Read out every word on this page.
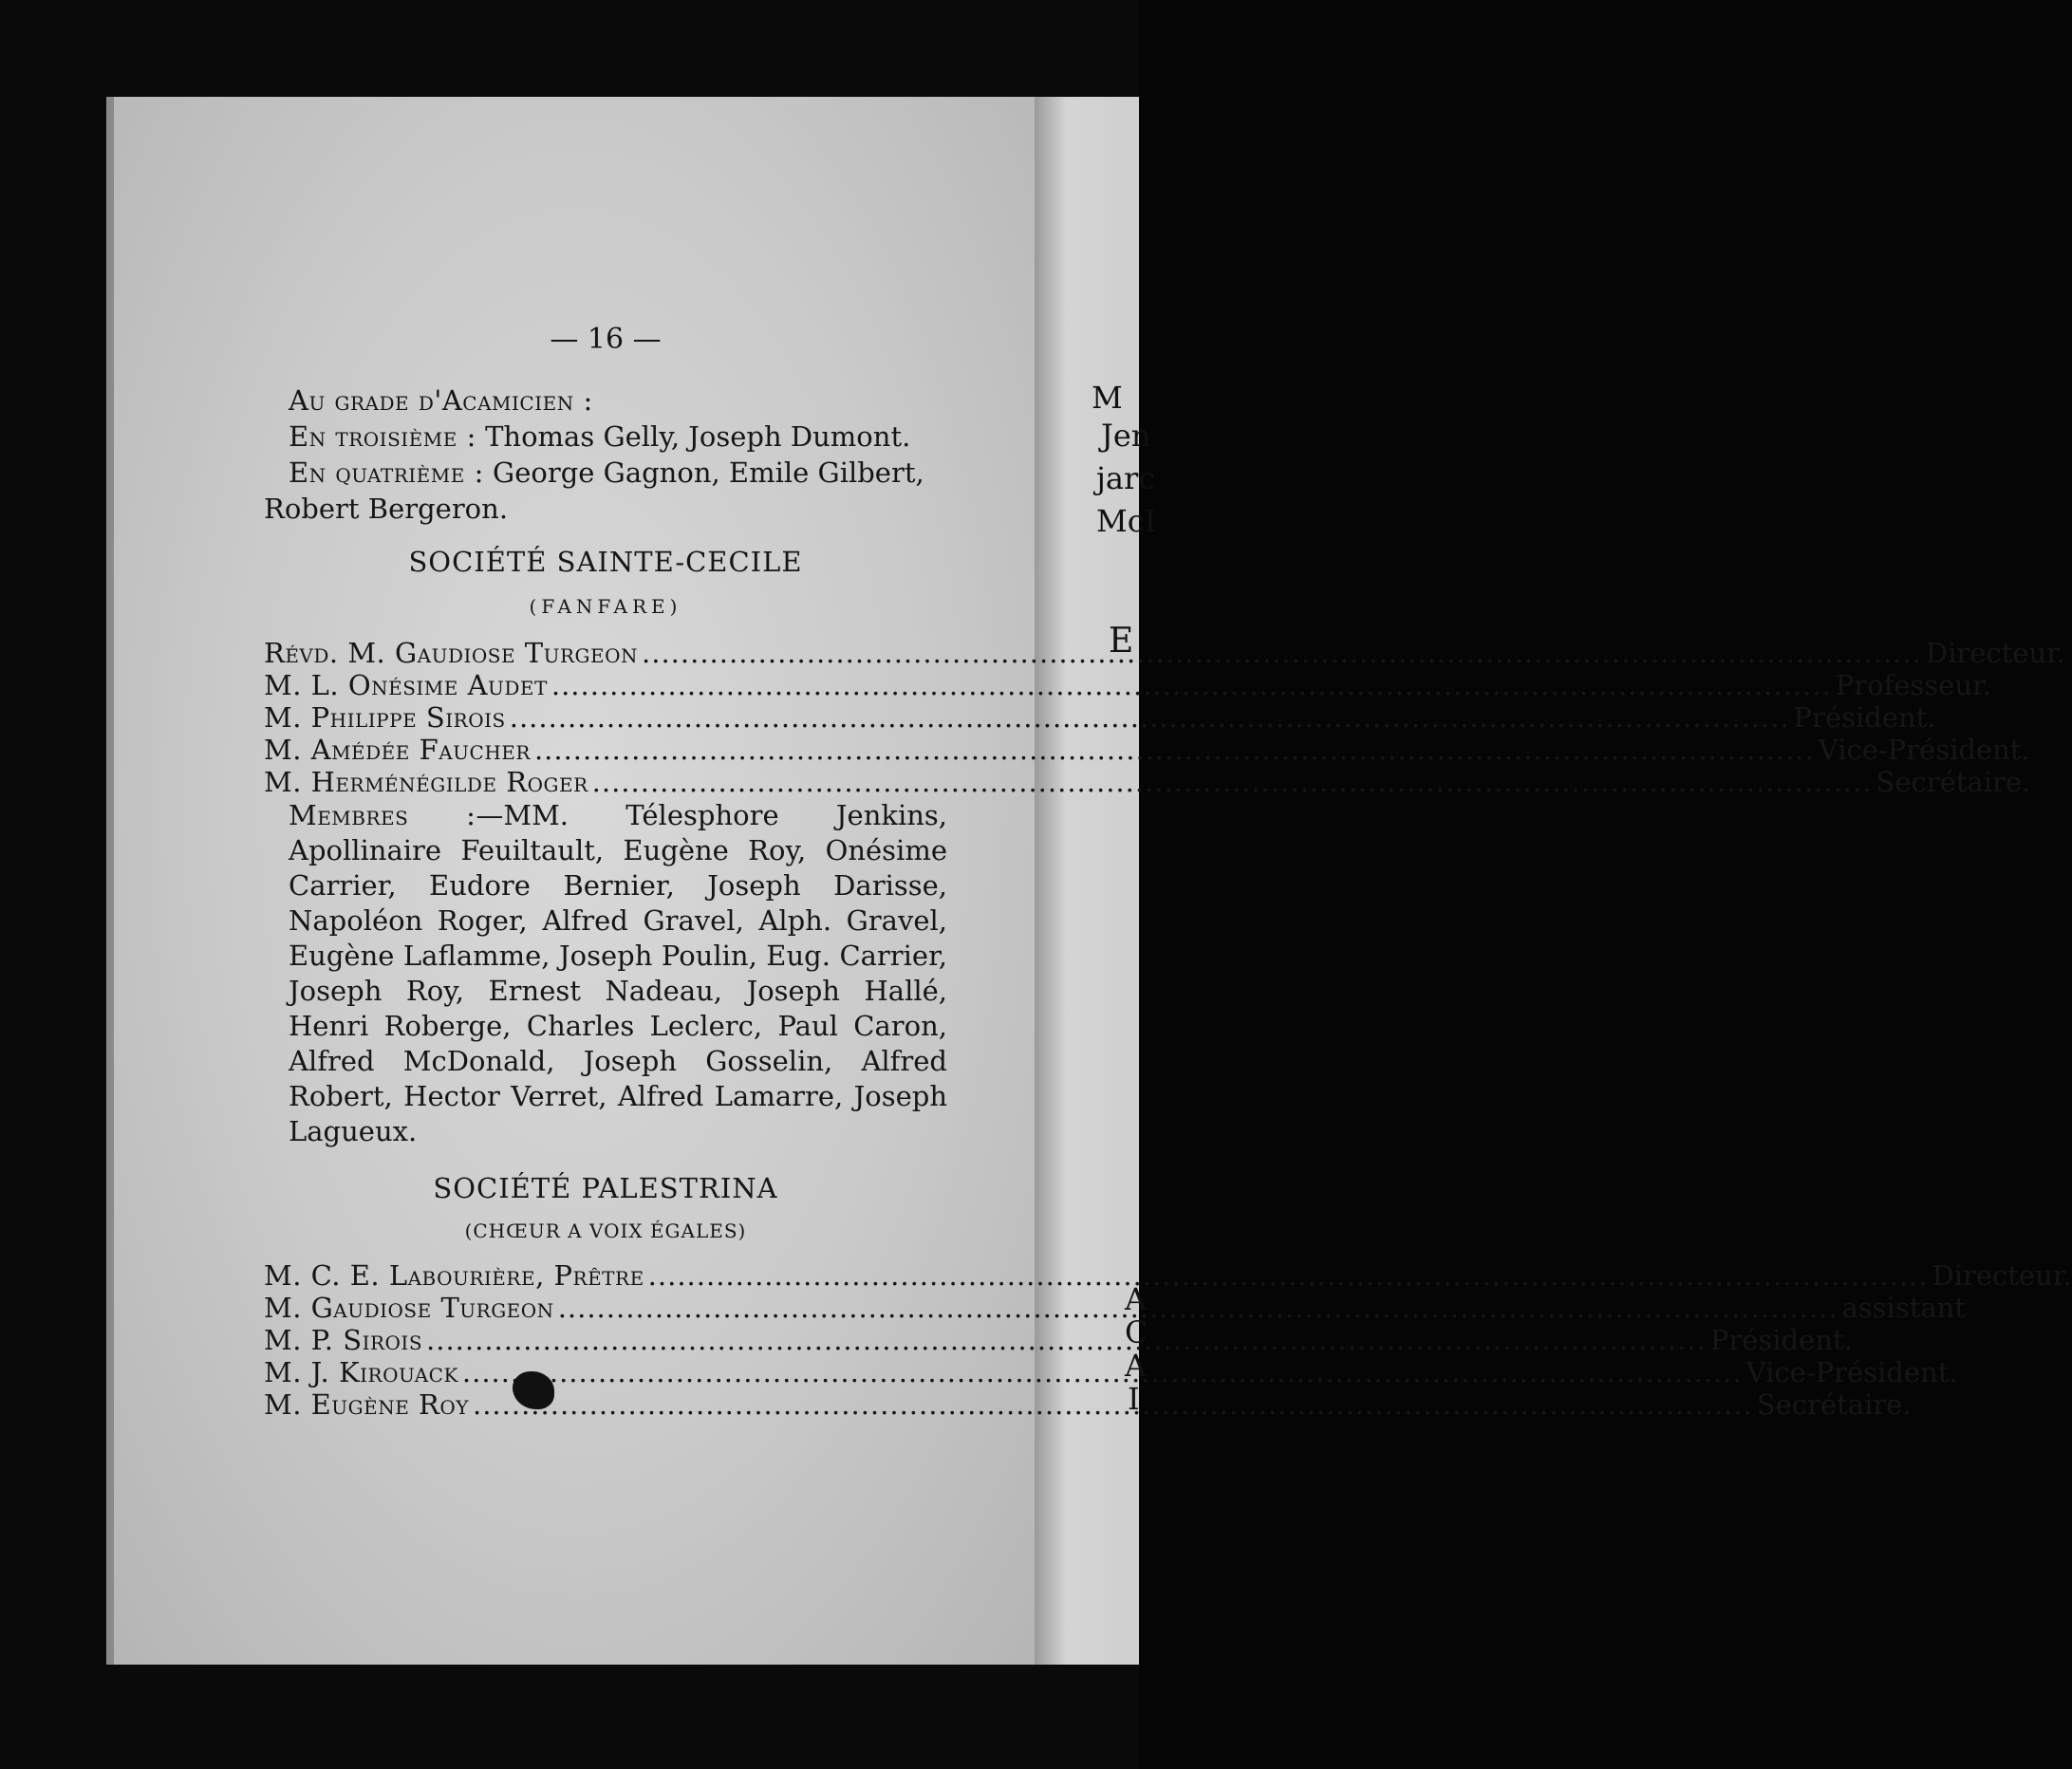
M
Jen
jarc
McI
E
A
C
A
I
— 16 —
Au grade d'Acamicien :
En troisième : Thomas Gelly, Joseph Dumont.
En quatrième : George Gagnon, Emile Gilbert,
Robert Bergeron.
SOCIÉTÉ SAINTE-CECILE
(FANFARE)
Révd. M. Gaudiose Turgeon .....	Directeur.
M. L. Onésime Audet .....	Professeur.
M. Philippe Sirois .....	Président.
M. Amédée Faucher .....	Vice-Président.
M. Herménégilde Roger .....	Secrétaire.
Membres :—MM. Télesphore Jenkins, Apollinaire Feuiltault, Eugène Roy, Onésime Carrier, Eudore Bernier, Joseph Darisse, Napoléon Roger, Alfred Gravel, Alph. Gravel, Eugène Laflamme, Joseph Poulin, Eug. Carrier, Joseph Roy, Ernest Nadeau, Joseph Hallé, Henri Roberge, Charles Leclerc, Paul Caron, Alfred McDonald, Joseph Gosselin, Alfred Robert, Hector Verret, Alfred Lamarre, Joseph Lagueux.
SOCIÉTÉ PALESTRINA
(CHŒUR A VOIX ÉGALES)
M. C. E. Labourière, Prêtre .....	Directeur.
M. Gaudiose Turgeon .....	assistant
M. P. Sirois .....	Président.
M. J. Kirouack .....	Vice-Président.
M. Eugène Roy .....	Secrétaire.
